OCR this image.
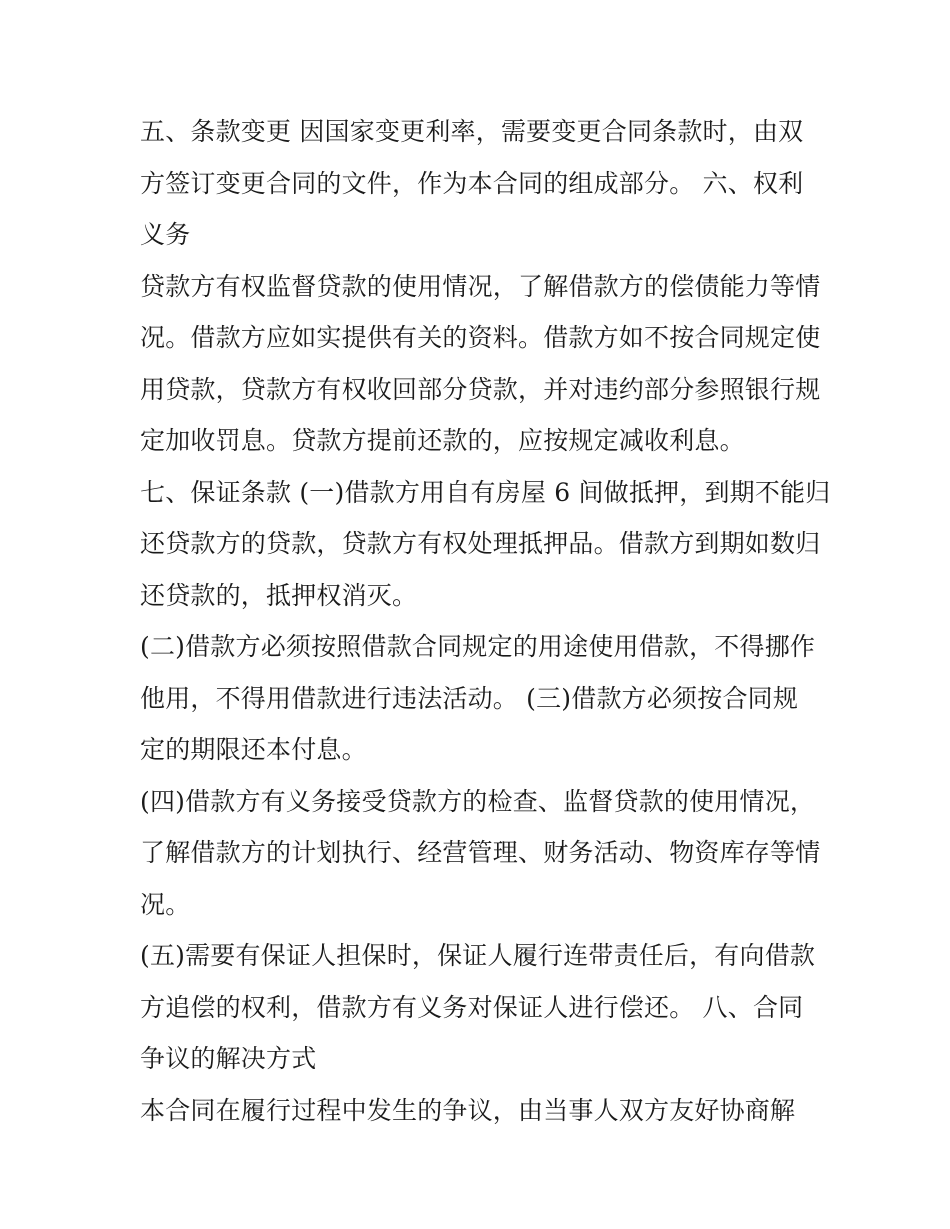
五、条款变更 因国家变更利率，需要变更合同条款时，由双
方签订变更合同的文件，作为本合同的组成部分。 六、权利
义务
贷款方有权监督贷款的使用情况，了解借款方的偿债能力等情
况。借款方应如实提供有关的资料。借款方如不按合同规定使
用贷款，贷款方有权收回部分贷款，并对违约部分参照银行规
定加收罚息。贷款方提前还款的，应按规定减收利息。
七、保证条款 (一)借款方用自有房屋 6 间做抵押，到期不能归
还贷款方的贷款，贷款方有权处理抵押品。借款方到期如数归
还贷款的，抵押权消灭。
(二)借款方必须按照借款合同规定的用途使用借款，不得挪作
他用，不得用借款进行违法活动。 (三)借款方必须按合同规
定的期限还本付息。
(四)借款方有义务接受贷款方的检查、监督贷款的使用情况，
了解借款方的计划执行、经营管理、财务活动、物资库存等情
况。
(五)需要有保证人担保时，保证人履行连带责任后，有向借款
方追偿的权利，借款方有义务对保证人进行偿还。 八、合同
争议的解决方式
本合同在履行过程中发生的争议，由当事人双方友好协商解
